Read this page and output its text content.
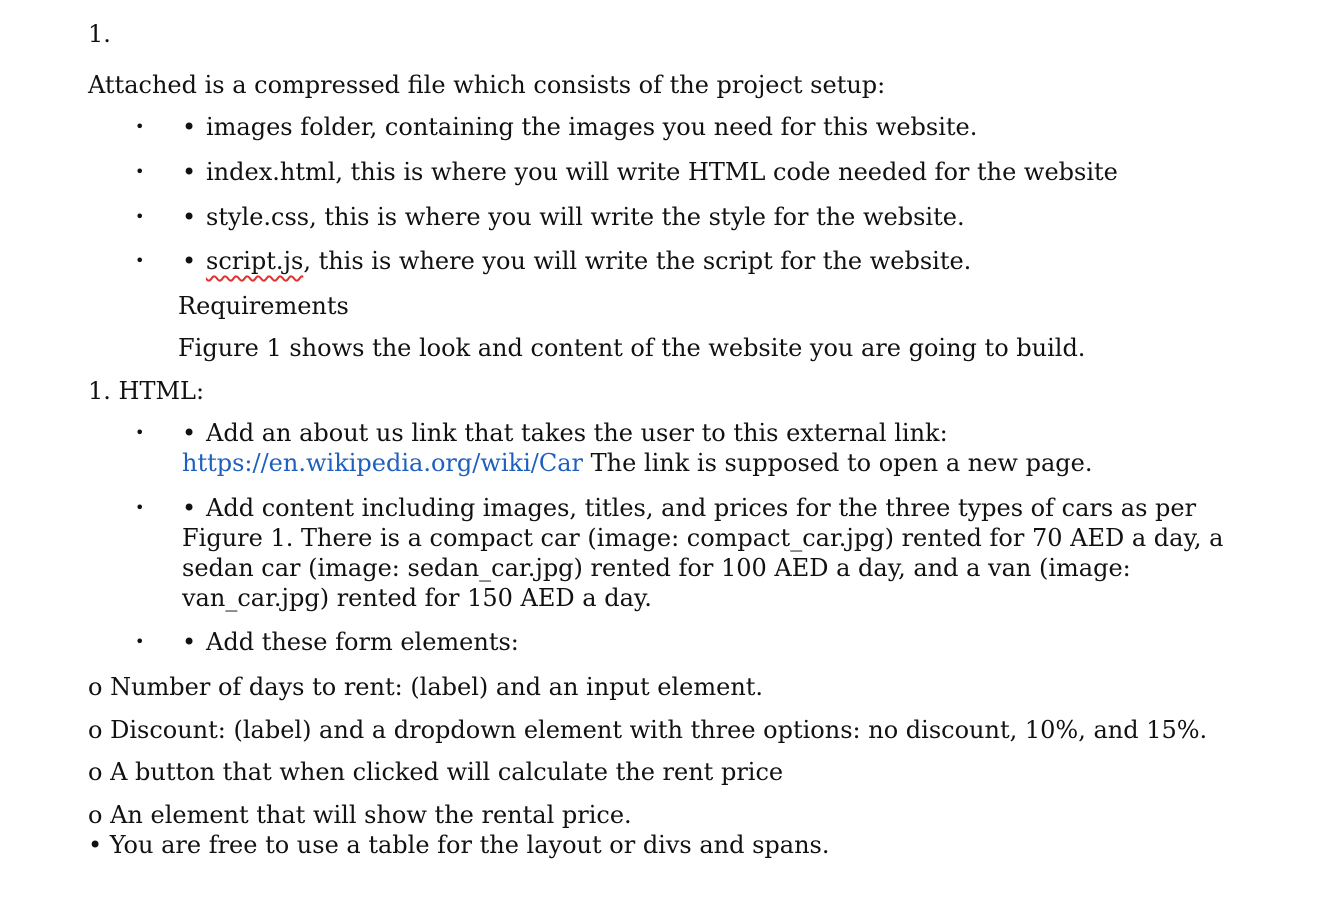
1.
Attached is a compressed file which consists of the project setup:
• • images folder, containing the images you need for this website.
• • index.html, this is where you will write HTML code needed for the website
• • style.css, this is where you will write the style for the website.
• • script.js, this is where you will write the script for the website.
Requirements
Figure 1 shows the look and content of the website you are going to build.
1. HTML:
• • Add an about us link that takes the user to this external link: https://en.wikipedia.org/wiki/Car The link is supposed to open a new page.
• • Add content including images, titles, and prices for the three types of cars as per Figure 1. There is a compact car (image: compact_car.jpg) rented for 70 AED a day, a sedan car (image: sedan_car.jpg) rented for 100 AED a day, and a van (image: van_car.jpg) rented for 150 AED a day.
• • Add these form elements:
o Number of days to rent: (label) and an input element.
o Discount: (label) and a dropdown element with three options: no discount, 10%, and 15%.
o A button that when clicked will calculate the rent price
o An element that will show the rental price.
• You are free to use a table for the layout or divs and spans.
